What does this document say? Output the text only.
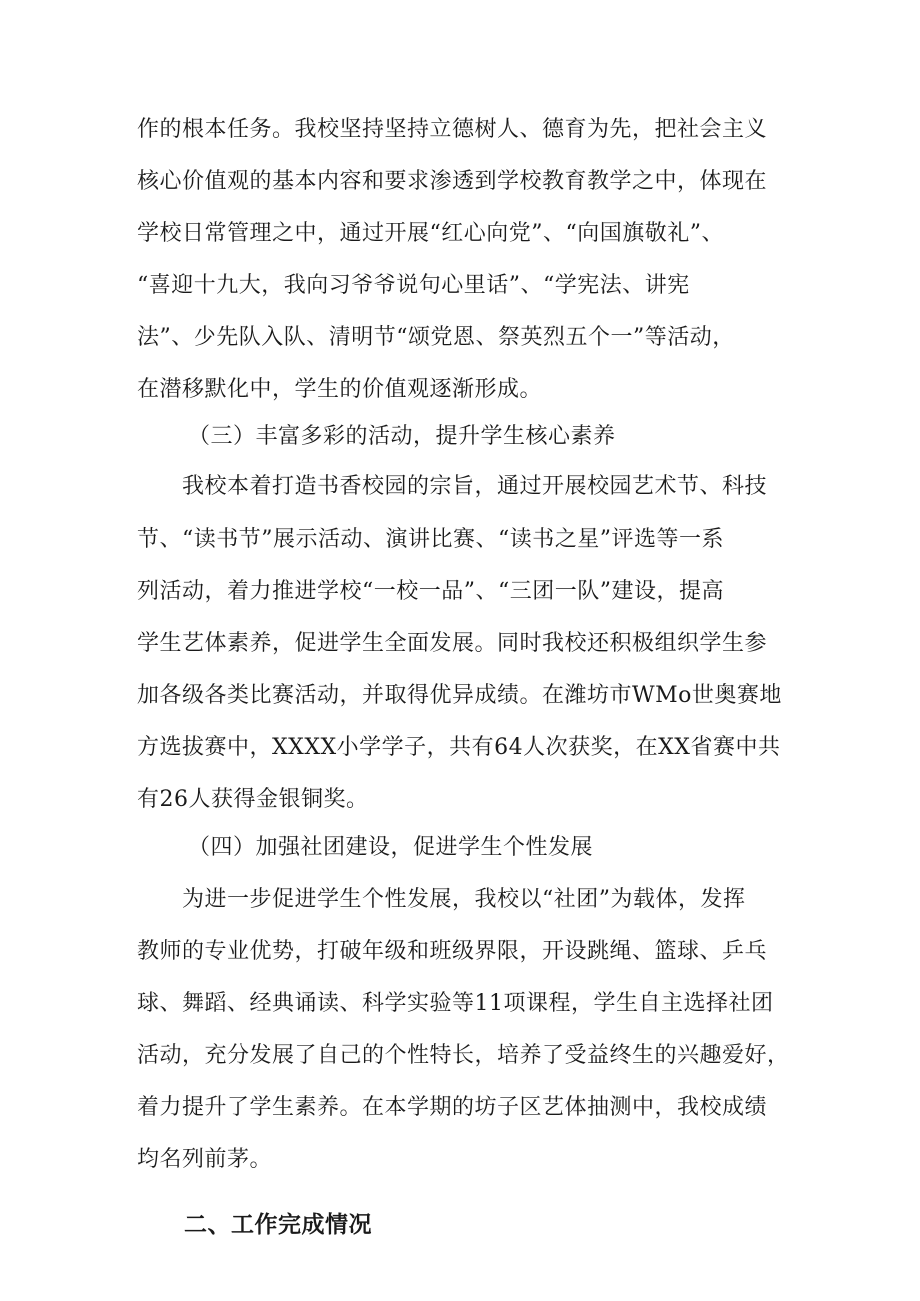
作的根本任务。我校坚持坚持立德树人、德育为先，把社会主义

核心价值观的基本内容和要求渗透到学校教育教学之中，体现在

学校日常管理之中，通过开展“红心向党”、“向国旗敬礼”、

“喜迎十九大，我向习爷爷说句心里话”、“学宪法、讲宪

法”、少先队入队、清明节“颂党恩、祭英烈五个一”等活动，

在潜移默化中，学生的价值观逐渐形成。

（三）丰富多彩的活动，提升学生核心素养

我校本着打造书香校园的宗旨，通过开展校园艺术节、科技

节、“读书节”展示活动、演讲比赛、“读书之星”评选等一系

列活动，着力推进学校“一校一品”、“三团一队”建设，提高

学生艺体素养，促进学生全面发展。同时我校还积极组织学生参

加各级各类比赛活动，并取得优异成绩。在潍坊市WMo世奥赛地

方选拔赛中，XXXX小学学子，共有64人次获奖，在XX省赛中共

有26人获得金银铜奖。

（四）加强社团建设，促进学生个性发展

为进一步促进学生个性发展，我校以“社团”为载体，发挥

教师的专业优势，打破年级和班级界限，开设跳绳、篮球、乒乓

球、舞蹈、经典诵读、科学实验等11项课程，学生自主选择社团

活动，充分发展了自己的个性特长，培养了受益终生的兴趣爱好，

着力提升了学生素养。在本学期的坊子区艺体抽测中，我校成绩

均名列前茅。

二、工作完成情况
